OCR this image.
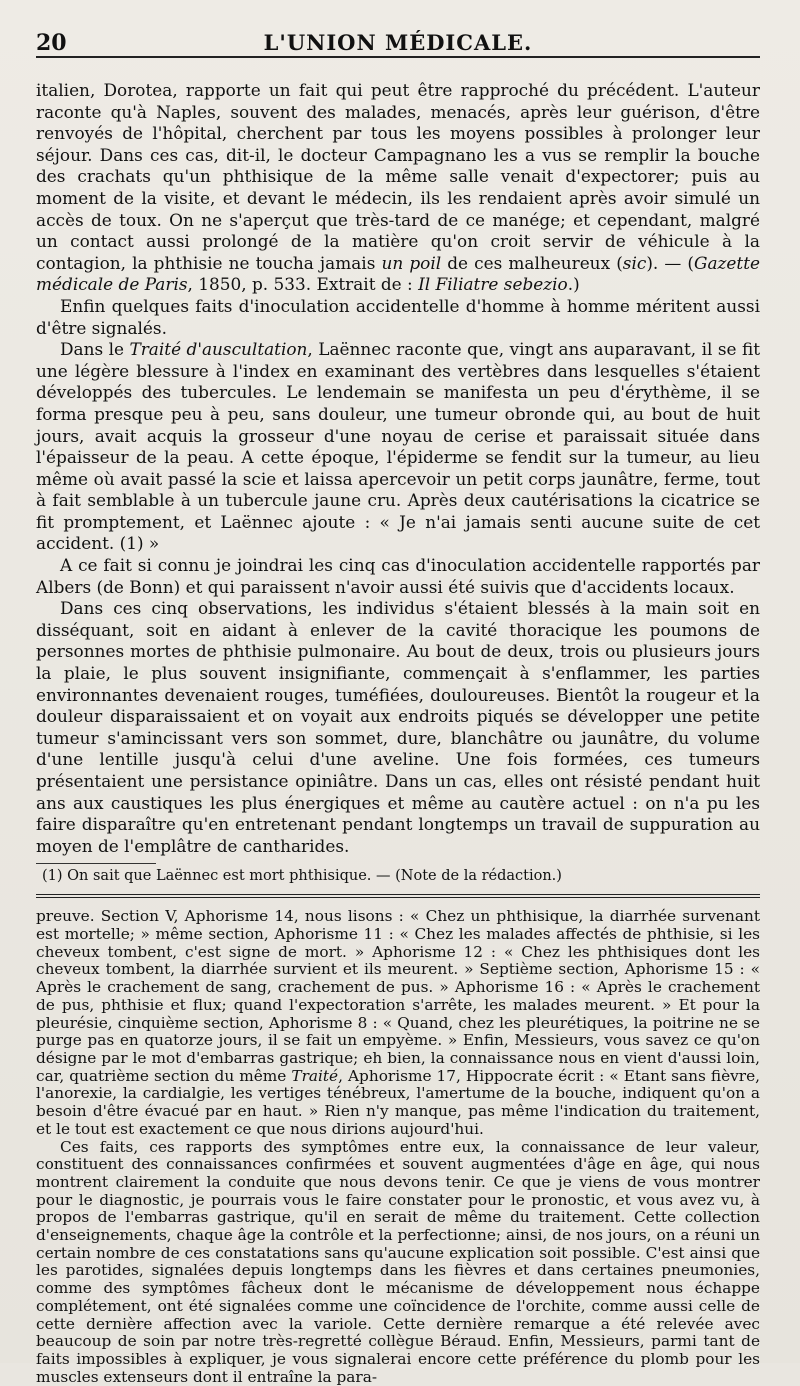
20	L'UNION MÉDICALE.

italien, Dorotea, rapporte un fait qui peut être rapproché du précédent. L'auteur raconte qu'à Naples, souvent des malades, menacés, après leur guérison, d'être renvoyés de l'hôpital, cherchent par tous les moyens possibles à prolonger leur séjour. Dans ces cas, dit-il, le docteur Campagnano les a vus se remplir la bouche des crachats qu'un phthisique de la même salle venait d'expectorer; puis au moment de la visite, et devant le médecin, ils les rendaient après avoir simulé un accès de toux. On ne s'aperçut que très-tard de ce manége; et cependant, malgré un contact aussi prolongé de la matière qu'on croit servir de véhicule à la contagion, la phthisie ne toucha jamais un poil de ces malheureux (sic). — (Gazette médicale de Paris, 1850, p. 533. Extrait de : Il Filiatre sebezio.)

Enfin quelques faits d'inoculation accidentelle d'homme à homme méritent aussi d'être signalés.

Dans le Traité d'auscultation, Laënnec raconte que, vingt ans auparavant, il se fit une légère blessure à l'index en examinant des vertèbres dans lesquelles s'étaient développés des tubercules. Le lendemain se manifesta un peu d'érythème, il se forma presque peu à peu, sans douleur, une tumeur obronde qui, au bout de huit jours, avait acquis la grosseur d'une noyau de cerise et paraissait située dans l'épaisseur de la peau. A cette époque, l'épiderme se fendit sur la tumeur, au lieu même où avait passé la scie et laissa apercevoir un petit corps jaunâtre, ferme, tout à fait semblable à un tubercule jaune cru. Après deux cautérisations la cicatrice se fit promptement, et Laënnec ajoute : « Je n'ai jamais senti aucune suite de cet accident. (1) »

A ce fait si connu je joindrai les cinq cas d'inoculation accidentelle rapportés par Albers (de Bonn) et qui paraissent n'avoir aussi été suivis que d'accidents locaux.

Dans ces cinq observations, les individus s'étaient blessés à la main soit en disséquant, soit en aidant à enlever de la cavité thoracique les poumons de personnes mortes de phthisie pulmonaire. Au bout de deux, trois ou plusieurs jours la plaie, le plus souvent insignifiante, commençait à s'enflammer, les parties environnantes devenaient rouges, tuméfiées, douloureuses. Bientôt la rougeur et la douleur disparaissaient et on voyait aux endroits piqués se développer une petite tumeur s'amincissant vers son sommet, dure, blanchâtre ou jaunâtre, du volume d'une lentille jusqu'à celui d'une aveline. Une fois formées, ces tumeurs présentaient une persistance opiniâtre. Dans un cas, elles ont résisté pendant huit ans aux caustiques les plus énergiques et même au cautère actuel : on n'a pu les faire disparaître qu'en entretenant pendant longtemps un travail de suppuration au moyen de l'emplâtre de cantharides.

(1) On sait que Laënnec est mort phthisique. — (Note de la rédaction.)

preuve. Section V, Aphorisme 14, nous lisons : « Chez un phthisique, la diarrhée survenant est mortelle; » même section, Aphorisme 11 : « Chez les malades affectés de phthisie, si les cheveux tombent, c'est signe de mort. » Aphorisme 12 : « Chez les phthisiques dont les cheveux tombent, la diarrhée survient et ils meurent. » Septième section, Aphorisme 15 : « Après le crachement de sang, crachement de pus. » Aphorisme 16 : « Après le crachement de pus, phthisie et flux; quand l'expectoration s'arrête, les malades meurent. » Et pour la pleurésie, cinquième section, Aphorisme 8 : « Quand, chez les pleurétiques, la poitrine ne se purge pas en quatorze jours, il se fait un empyème. » Enfin, Messieurs, vous savez ce qu'on désigne par le mot d'embarras gastrique; eh bien, la connaissance nous en vient d'aussi loin, car, quatrième section du même Traité, Aphorisme 17, Hippocrate écrit : « Etant sans fièvre, l'anorexie, la cardialgie, les vertiges ténébreux, l'amertume de la bouche, indiquent qu'on a besoin d'être évacué par en haut. » Rien n'y manque, pas même l'indication du traitement, et le tout est exactement ce que nous dirions aujourd'hui.

Ces faits, ces rapports des symptômes entre eux, la connaissance de leur valeur, constituent des connaissances confirmées et souvent augmentées d'âge en âge, qui nous montrent clairement la conduite que nous devons tenir. Ce que je viens de vous montrer pour le diagnostic, je pourrais vous le faire constater pour le pronostic, et vous avez vu, à propos de l'embarras gastrique, qu'il en serait de même du traitement. Cette collection d'enseignements, chaque âge la contrôle et la perfectionne; ainsi, de nos jours, on a réuni un certain nombre de ces constatations sans qu'aucune explication soit possible. C'est ainsi que les parotides, signalées depuis longtemps dans les fièvres et dans certaines pneumonies, comme des symptômes fâcheux dont le mécanisme de développement nous échappe complétement, ont été signalées comme une coïncidence de l'orchite, comme aussi celle de cette dernière affection avec la variole. Cette dernière remarque a été relevée avec beaucoup de soin par notre très-regretté collègue Béraud. Enfin, Messieurs, parmi tant de faits impossibles à expliquer, je vous signalerai encore cette préférence du plomb pour les muscles extenseurs dont il entraîne la para-
